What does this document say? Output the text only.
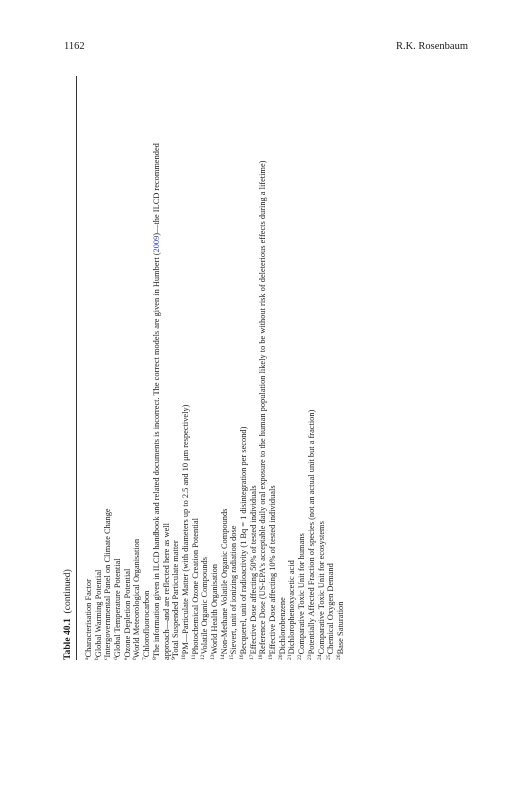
1162	R.K. Rosenbaum
Table 40.1  (continued)
$^a$Characterisation Factor
$^b$Global Warming Potential
$^c$Intergovernmental Panel on Climate Change
$^d$Global Temperature Potential
$^e$Ozone Depletion Potential
$^f$World Meteorological Organisation
$^7$Chlorofluorocarbon
$^8$The information given in ILCD handbook and related documents is incorrect. The correct models are given in Humbert (2009)—the ILCD recommended
approach—and are reflected here as well $^9$Total Suspended Particulate matter $^{10}$PM—Particulate Matter (with diameters up to 2.5 and 10 μm respectively)
$^{11}$Photochemical Ozone Creation Potential
$^{12}$Volatile Organic Compounds
$^{13}$World Health Organisation
$^{14}$Non-Methane Volatile Organic Compounds
$^{15}$Sievert, unit of ionizing radiation dose
$^{16}$Becquerel, unit of radioactivity (1 Bq = 1 disintegration per second)
$^{17}$Effective Dose affecting 50% of tested individuals
$^{18}$Reference Dose (US-EPA's acceptable daily oral exposure to the human population likely to be without risk of deleterious effects during a lifetime)
$^{19}$Effective Dose affecting 10% of tested individuals
$^{20}$Dichlorobenzene
$^{21}$Dichlorophenoxyacetic acid
$^{22}$Comparative Toxic Unit for humans
$^{23}$Potentially Affected Fraction of species (not an actual unit but a fraction)
$^{24}$Comparative Toxic Unit for ecosystems
$^{25}$Chemical Oxygen Demand
$^{26}$Base Saturation
